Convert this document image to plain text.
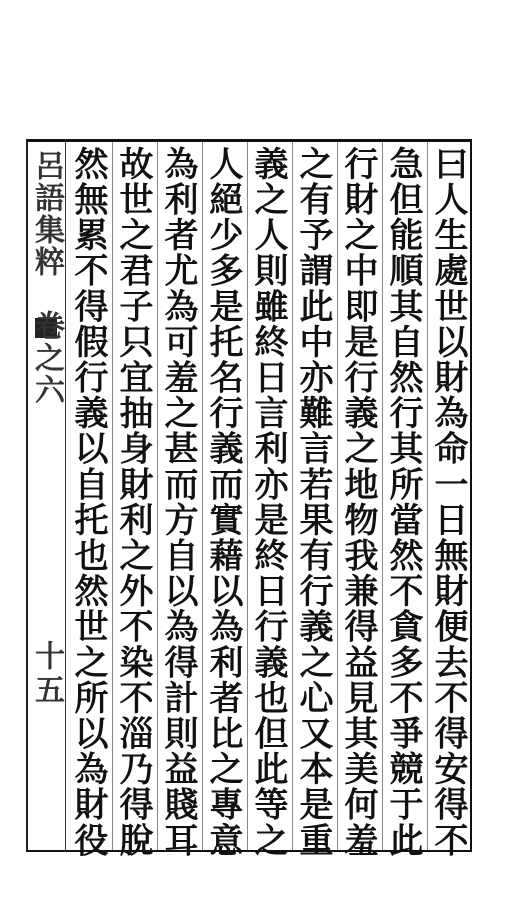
呂語集粹　卷之六
十五	曰人生處世以財為命一日無財便去不得安得不
急但能順其自然行其所當然不貪多不爭競于此
行財之中即是行義之地物我兼得益見其美何羞
之有予謂此中亦難言若果有行義之心又本是重
義之人則雖終日言利亦是終日行義也但此等之
人絕少多是托名行義而實藉以為利者比之專意
為利者尤為可羞之甚而方自以為得計則益賤耳
故世之君子只宜抽身財利之外不染不淄乃得脫
然無累不得假行義以自托也然世之所以為財役
